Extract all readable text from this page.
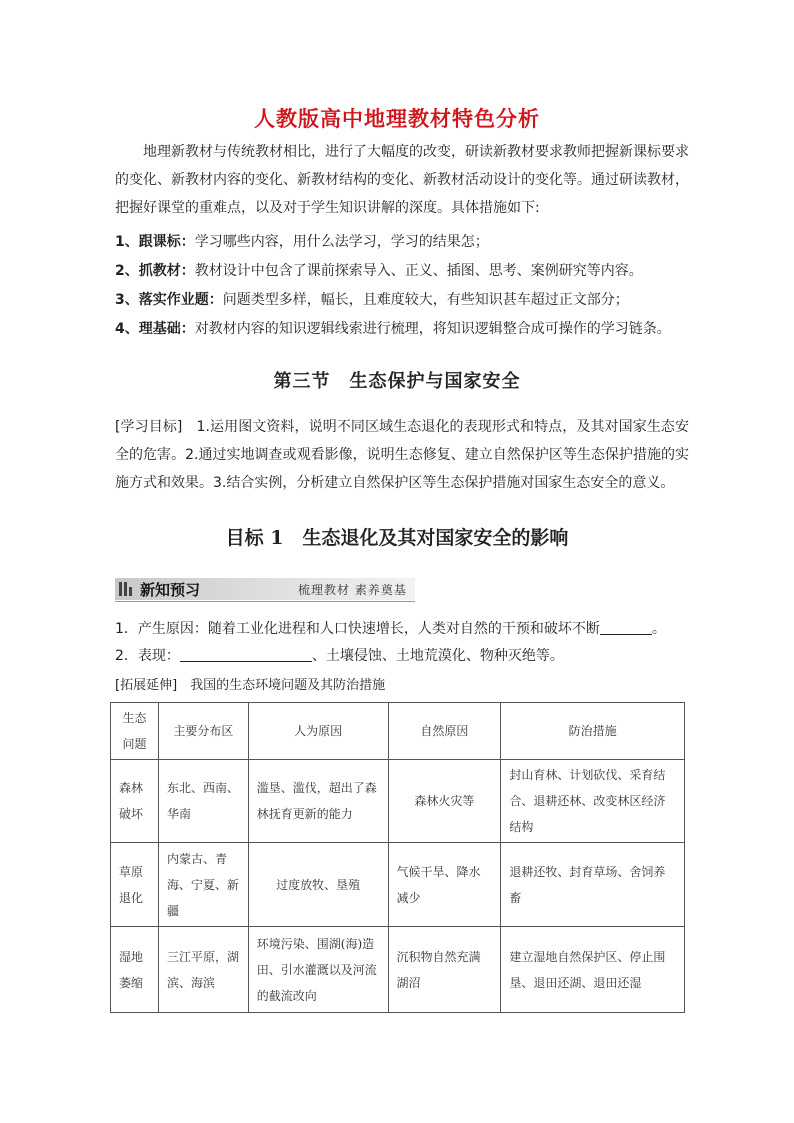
人教版高中地理教材特色分析
地理新教材与传统教材相比，进行了大幅度的改变，研读新教材要求教师把握新课标要求的变化、新教材内容的变化、新教材结构的变化、新教材活动设计的变化等。通过研读教材，把握好课堂的重难点，以及对于学生知识讲解的深度。具体措施如下:
1、跟课标：学习哪些内容，用什么法学习，学习的结果怎；
2、抓教材：教材设计中包含了课前探索导入、正义、插图、思考、案例研究等内容。
3、落实作业题：问题类型多样，幅长，且难度较大，有些知识甚车超过正文部分；
4、理基础：对教材内容的知识逻辑线索进行梳理，将知识逻辑整合成可操作的学习链条。
第三节　生态保护与国家安全
[学习目标]　1.运用图文资料，说明不同区域生态退化的表现形式和特点，及其对国家生态安全的危害。2.通过实地调查或观看影像，说明生态修复、建立自然保护区等生态保护措施的实施方式和效果。3.结合实例，分析建立自然保护区等生态保护措施对国家生态安全的意义。
目标 1　生态退化及其对国家安全的影响
新知预习	梳理教材 素养奠基
1．产生原因：随着工业化进程和人口快速增长，人类对自然的干预和破坏不断	。
2．表现：	、土壤侵蚀、土地荒漠化、物种灭绝等。
[拓展延伸]　我国的生态环境问题及其防治措施
生态问题	主要分布区	人为原因	自然原因	防治措施
森林破坏	东北、西南、华南	滥垦、滥伐，超出了森林抚育更新的能力	森林火灾等	封山育林、计划砍伐、采育结合、退耕还林、改变林区经济结构
草原退化	内蒙古、青海、宁夏、新疆	过度放牧、垦殖	气候干旱、降水减少	退耕还牧、封育草场、舍饲养畜
湿地萎缩	三江平原，湖滨、海滨	环境污染、围湖(海)造田、引水灌溉以及河流的截流改向	沉积物自然充满湖沼	建立湿地自然保护区、停止围垦、退田还湖、退田还湿
